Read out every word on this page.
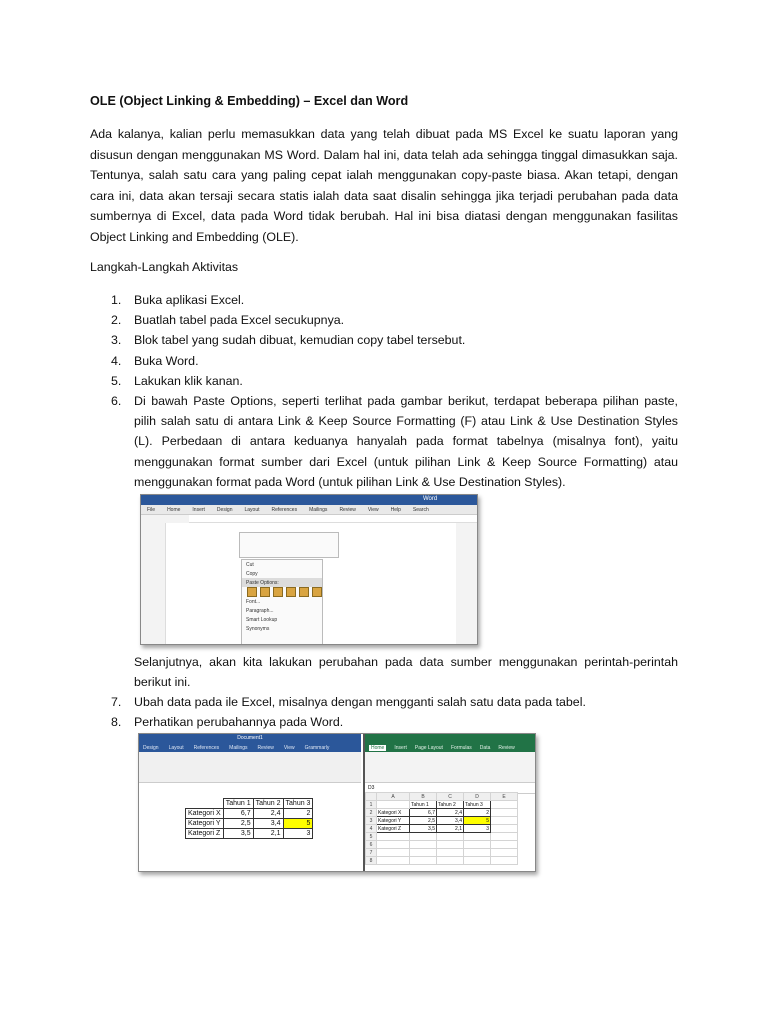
OLE (Object Linking & Embedding) – Excel dan Word
Ada kalanya, kalian perlu memasukkan data yang telah dibuat pada MS Excel ke suatu laporan yang disusun dengan menggunakan MS Word. Dalam hal ini, data telah ada sehingga tinggal dimasukkan saja. Tentunya, salah satu cara yang paling cepat ialah menggunakan copy-paste biasa. Akan tetapi, dengan cara ini, data akan tersaji secara statis ialah data saat disalin sehingga jika terjadi perubahan pada data sumbernya di Excel, data pada Word tidak berubah. Hal ini bisa diatasi dengan menggunakan fasilitas Object Linking and Embedding (OLE).
Langkah-Langkah Aktivitas
1. Buka aplikasi Excel.
2. Buatlah tabel pada Excel secukupnya.
3. Blok tabel yang sudah dibuat, kemudian copy tabel tersebut.
4. Buka Word.
5. Lakukan klik kanan.
6. Di bawah Paste Options, seperti terlihat pada gambar berikut, terdapat beberapa pilihan paste, pilih salah satu di antara Link & Keep Source Formatting (F) atau Link & Use Destination Styles (L). Perbedaan di antara keduanya hanyalah pada format tabelnya (misalnya font), yaitu menggunakan format sumber dari Excel (untuk pilihan Link & Keep Source Formatting) atau menggunakan format pada Word (untuk pilihan Link & Use Destination Styles).
Selanjutnya, akan kita lakukan perubahan pada data sumber menggunakan perintah-perintah berikut ini.
7. Ubah data pada ile Excel, misalnya dengan mengganti salah satu data pada tabel.
8. Perhatikan perubahannya pada Word.
Word
File Home Insert Design Layout References Mailings Review View Help Search
Cut
Copy
Paste Options:
Font...
Paragraph...
Smart Lookup
Synonyms
Document1
Design Layout References Mailings Review View Grammarly
	Tahun 1	Tahun 2	Tahun 3
Kategori X	6,7	2,4	2
Kategori Y	2,5	3,4	5
Kategori Z	3,5	2,1	3
Home	Insert Page Layout Formulas Data Review
D3
	A	B	C	D	E
1		Tahun 1	Tahun 2	Tahun 3	
2	Kategori X	6,7	2,4	2	
3	Kategori Y	2,5	3,4	5	
4	Kategori Z	3,5	2,1	3	
5					
6					
7					
8					
